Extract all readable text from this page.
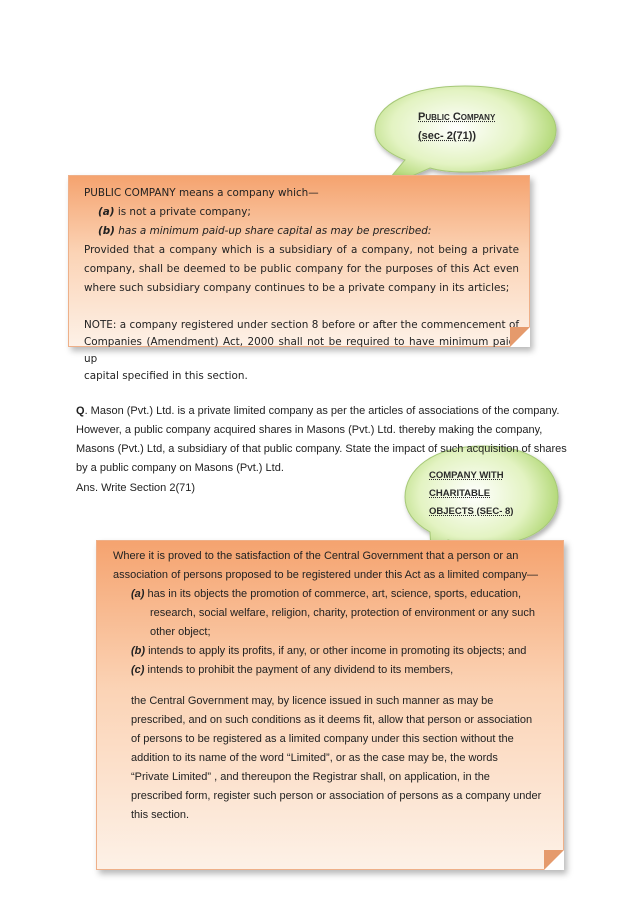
Public Company
(sec- 2(71))
COMPANY WITH
CHARITABLE
OBJECTS (SEC- 8)
PUBLIC COMPANY means a company which—
(a) is not a private company;
(b) has a minimum paid-up share capital as may be prescribed:
Provided that a company which is a subsidiary of a company, not being a private
company, shall be deemed to be public company for the purposes of this Act even
where such subsidiary company continues to be a private company in its articles;
NOTE: a company registered under section 8 before or after the commencement of
Companies (Amendment) Act, 2000 shall not be required to have minimum paid-up
capital specified in this section.
Q. Mason (Pvt.) Ltd. is a private limited company as per the articles of associations of the company.
However, a public company acquired shares in Masons (Pvt.) Ltd. thereby making the company,
Masons (Pvt.) Ltd, a subsidiary of that public company. State the impact of such acquisition of shares
by a public company on Masons (Pvt.) Ltd.
Ans. Write Section 2(71)
Where it is proved to the satisfaction of the Central Government that a person or an
association of persons proposed to be registered under this Act as a limited company—
(a) has in its objects the promotion of commerce, art, science, sports, education,
research, social welfare, religion, charity, protection of environment or any such
other object;
(b) intends to apply its profits, if any, or other income in promoting its objects; and
(c) intends to prohibit the payment of any dividend to its members,
the Central Government may, by licence issued in such manner as may be
prescribed, and on such conditions as it deems fit, allow that person or association
of persons to be registered as a limited company under this section without the
addition to its name of the word “Limited”, or as the case may be, the words
“Private Limited” , and thereupon the Registrar shall, on application, in the
prescribed form, register such person or association of persons as a company under
this section.
